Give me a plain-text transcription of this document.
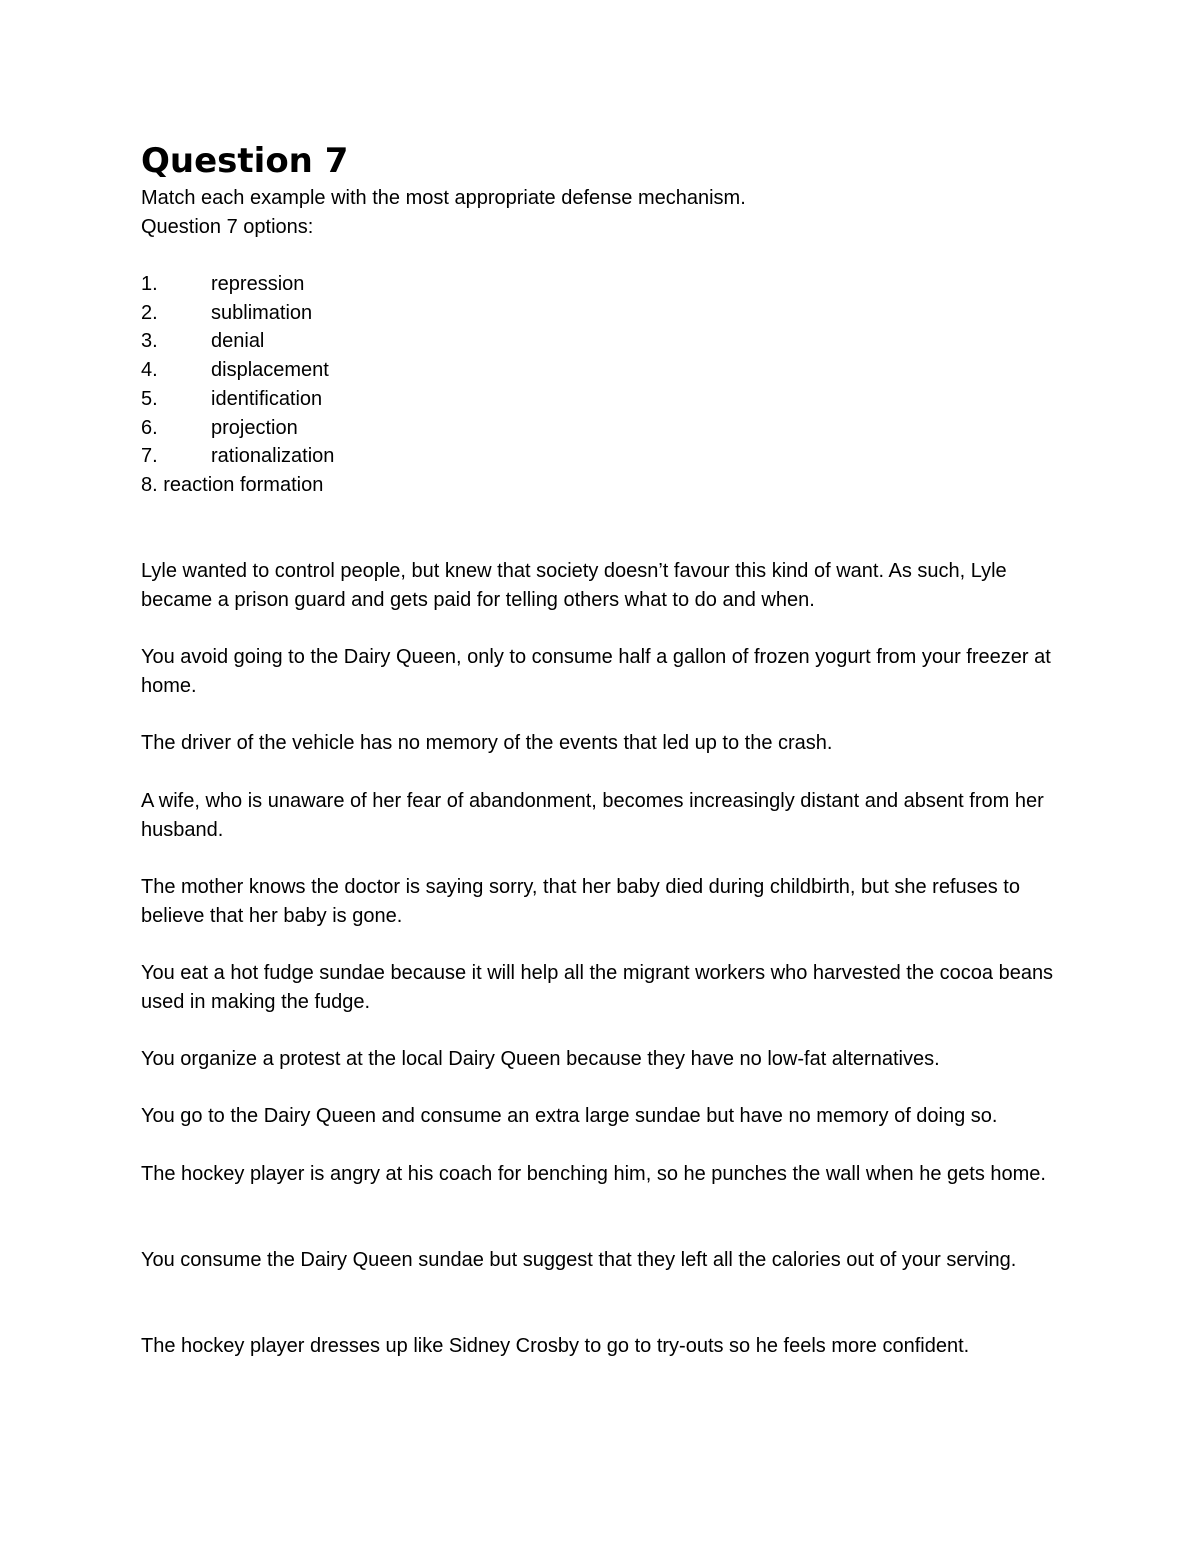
Question 7
Match each example with the most appropriate defense mechanism.
Question 7 options:
1.	repression
2.	sublimation
3.	denial
4.	displacement
5.	identification
6.	projection
7.	rationalization
8. reaction formation
Lyle wanted to control people, but knew that society doesn’t favour this kind of want. As such, Lyle became a prison guard and gets paid for telling others what to do and when.
You avoid going to the Dairy Queen, only to consume half a gallon of frozen yogurt from your freezer at home.
The driver of the vehicle has no memory of the events that led up to the crash.
A wife, who is unaware of her fear of abandonment, becomes increasingly distant and absent from her husband.
The mother knows the doctor is saying sorry, that her baby died during childbirth, but she refuses to believe that her baby is gone.
You eat a hot fudge sundae because it will help all the migrant workers who harvested the cocoa beans used in making the fudge.
You organize a protest at the local Dairy Queen because they have no low-fat alternatives.
You go to the Dairy Queen and consume an extra large sundae but have no memory of doing so.
The hockey player is angry at his coach for benching him, so he punches the wall when he gets home.
You consume the Dairy Queen sundae but suggest that they left all the calories out of your serving.
The hockey player dresses up like Sidney Crosby to go to try-outs so he feels more confident.
